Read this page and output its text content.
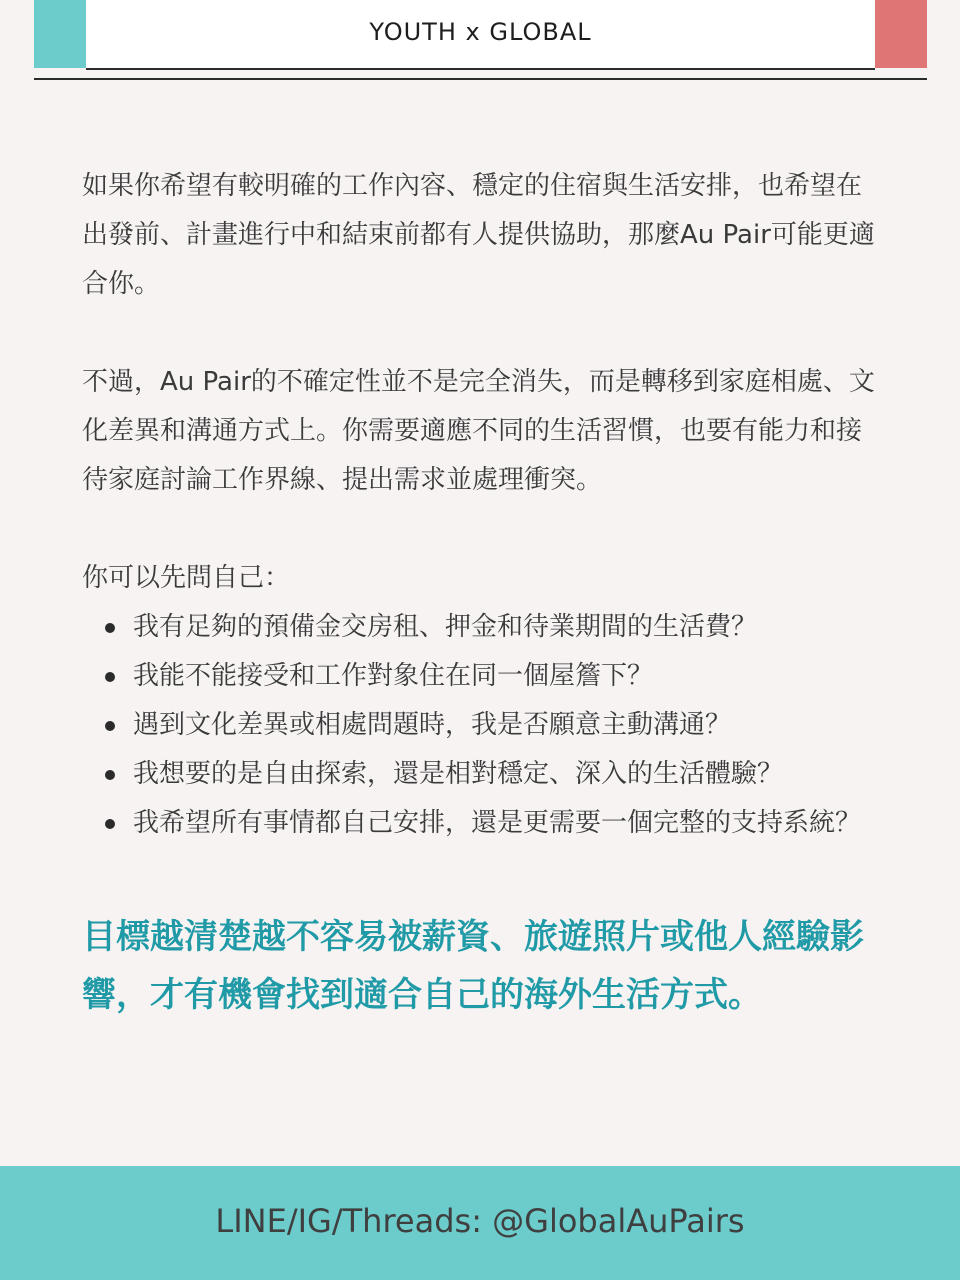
YOUTH x GLOBAL

如果你希望有較明確的工作內容、穩定的住宿與生活安排，也希望在出發前、計畫進行中和結束前都有人提供協助，那麼Au Pair可能更適合你。

不過，Au Pair的不確定性並不是完全消失，而是轉移到家庭相處、文化差異和溝通方式上。你需要適應不同的生活習慣，也要有能力和接待家庭討論工作界線、提出需求並處理衝突。

你可以先問自己：

我有足夠的預備金交房租、押金和待業期間的生活費？
我能不能接受和工作對象住在同一個屋簷下？
遇到文化差異或相處問題時，我是否願意主動溝通？
我想要的是自由探索，還是相對穩定、深入的生活體驗？
我希望所有事情都自己安排，還是更需要一個完整的支持系統？
目標越清楚越不容易被薪資、旅遊照片或他人經驗影響，才有機會找到適合自己的海外生活方式。
LINE/IG/Threads: @GlobalAuPairs
